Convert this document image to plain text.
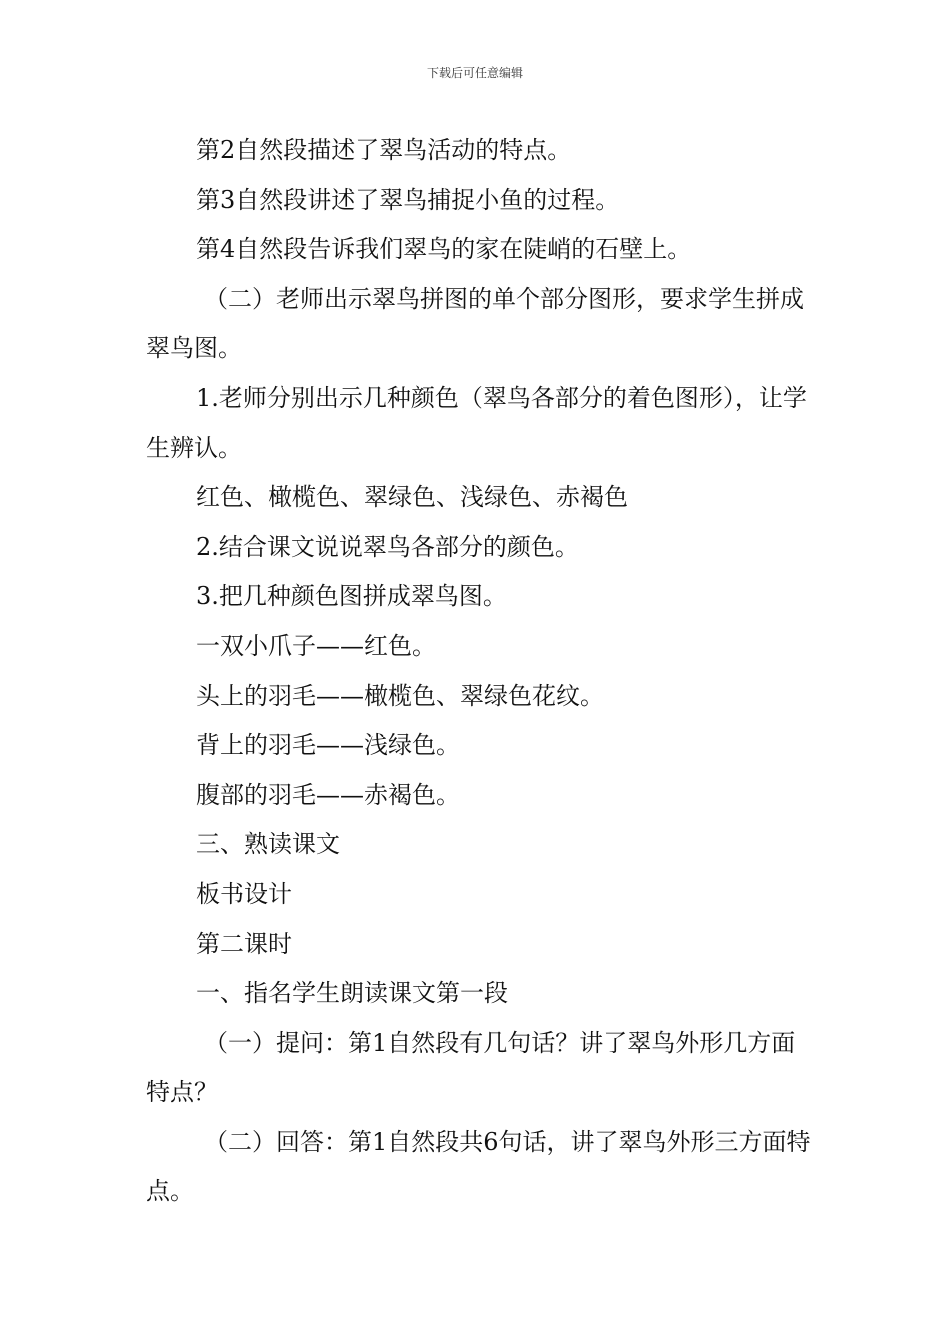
下载后可任意编辑

第2自然段描述了翠鸟活动的特点。

第3自然段讲述了翠鸟捕捉小鱼的过程。

第4自然段告诉我们翠鸟的家在陡峭的石壁上。

（二）老师出示翠鸟拼图的单个部分图形，要求学生拼成翠鸟图。

1.老师分别出示几种颜色（翠鸟各部分的着色图形），让学生辨认。

红色、橄榄色、翠绿色、浅绿色、赤褐色

2.结合课文说说翠鸟各部分的颜色。

3.把几种颜色图拼成翠鸟图。

一双小爪子——红色。

头上的羽毛——橄榄色、翠绿色花纹。

背上的羽毛——浅绿色。

腹部的羽毛——赤褐色。

三、熟读课文

板书设计

第二课时

一、指名学生朗读课文第一段

（一）提问：第1自然段有几句话？讲了翠鸟外形几方面特点？

（二）回答：第1自然段共6句话，讲了翠鸟外形三方面特点。
